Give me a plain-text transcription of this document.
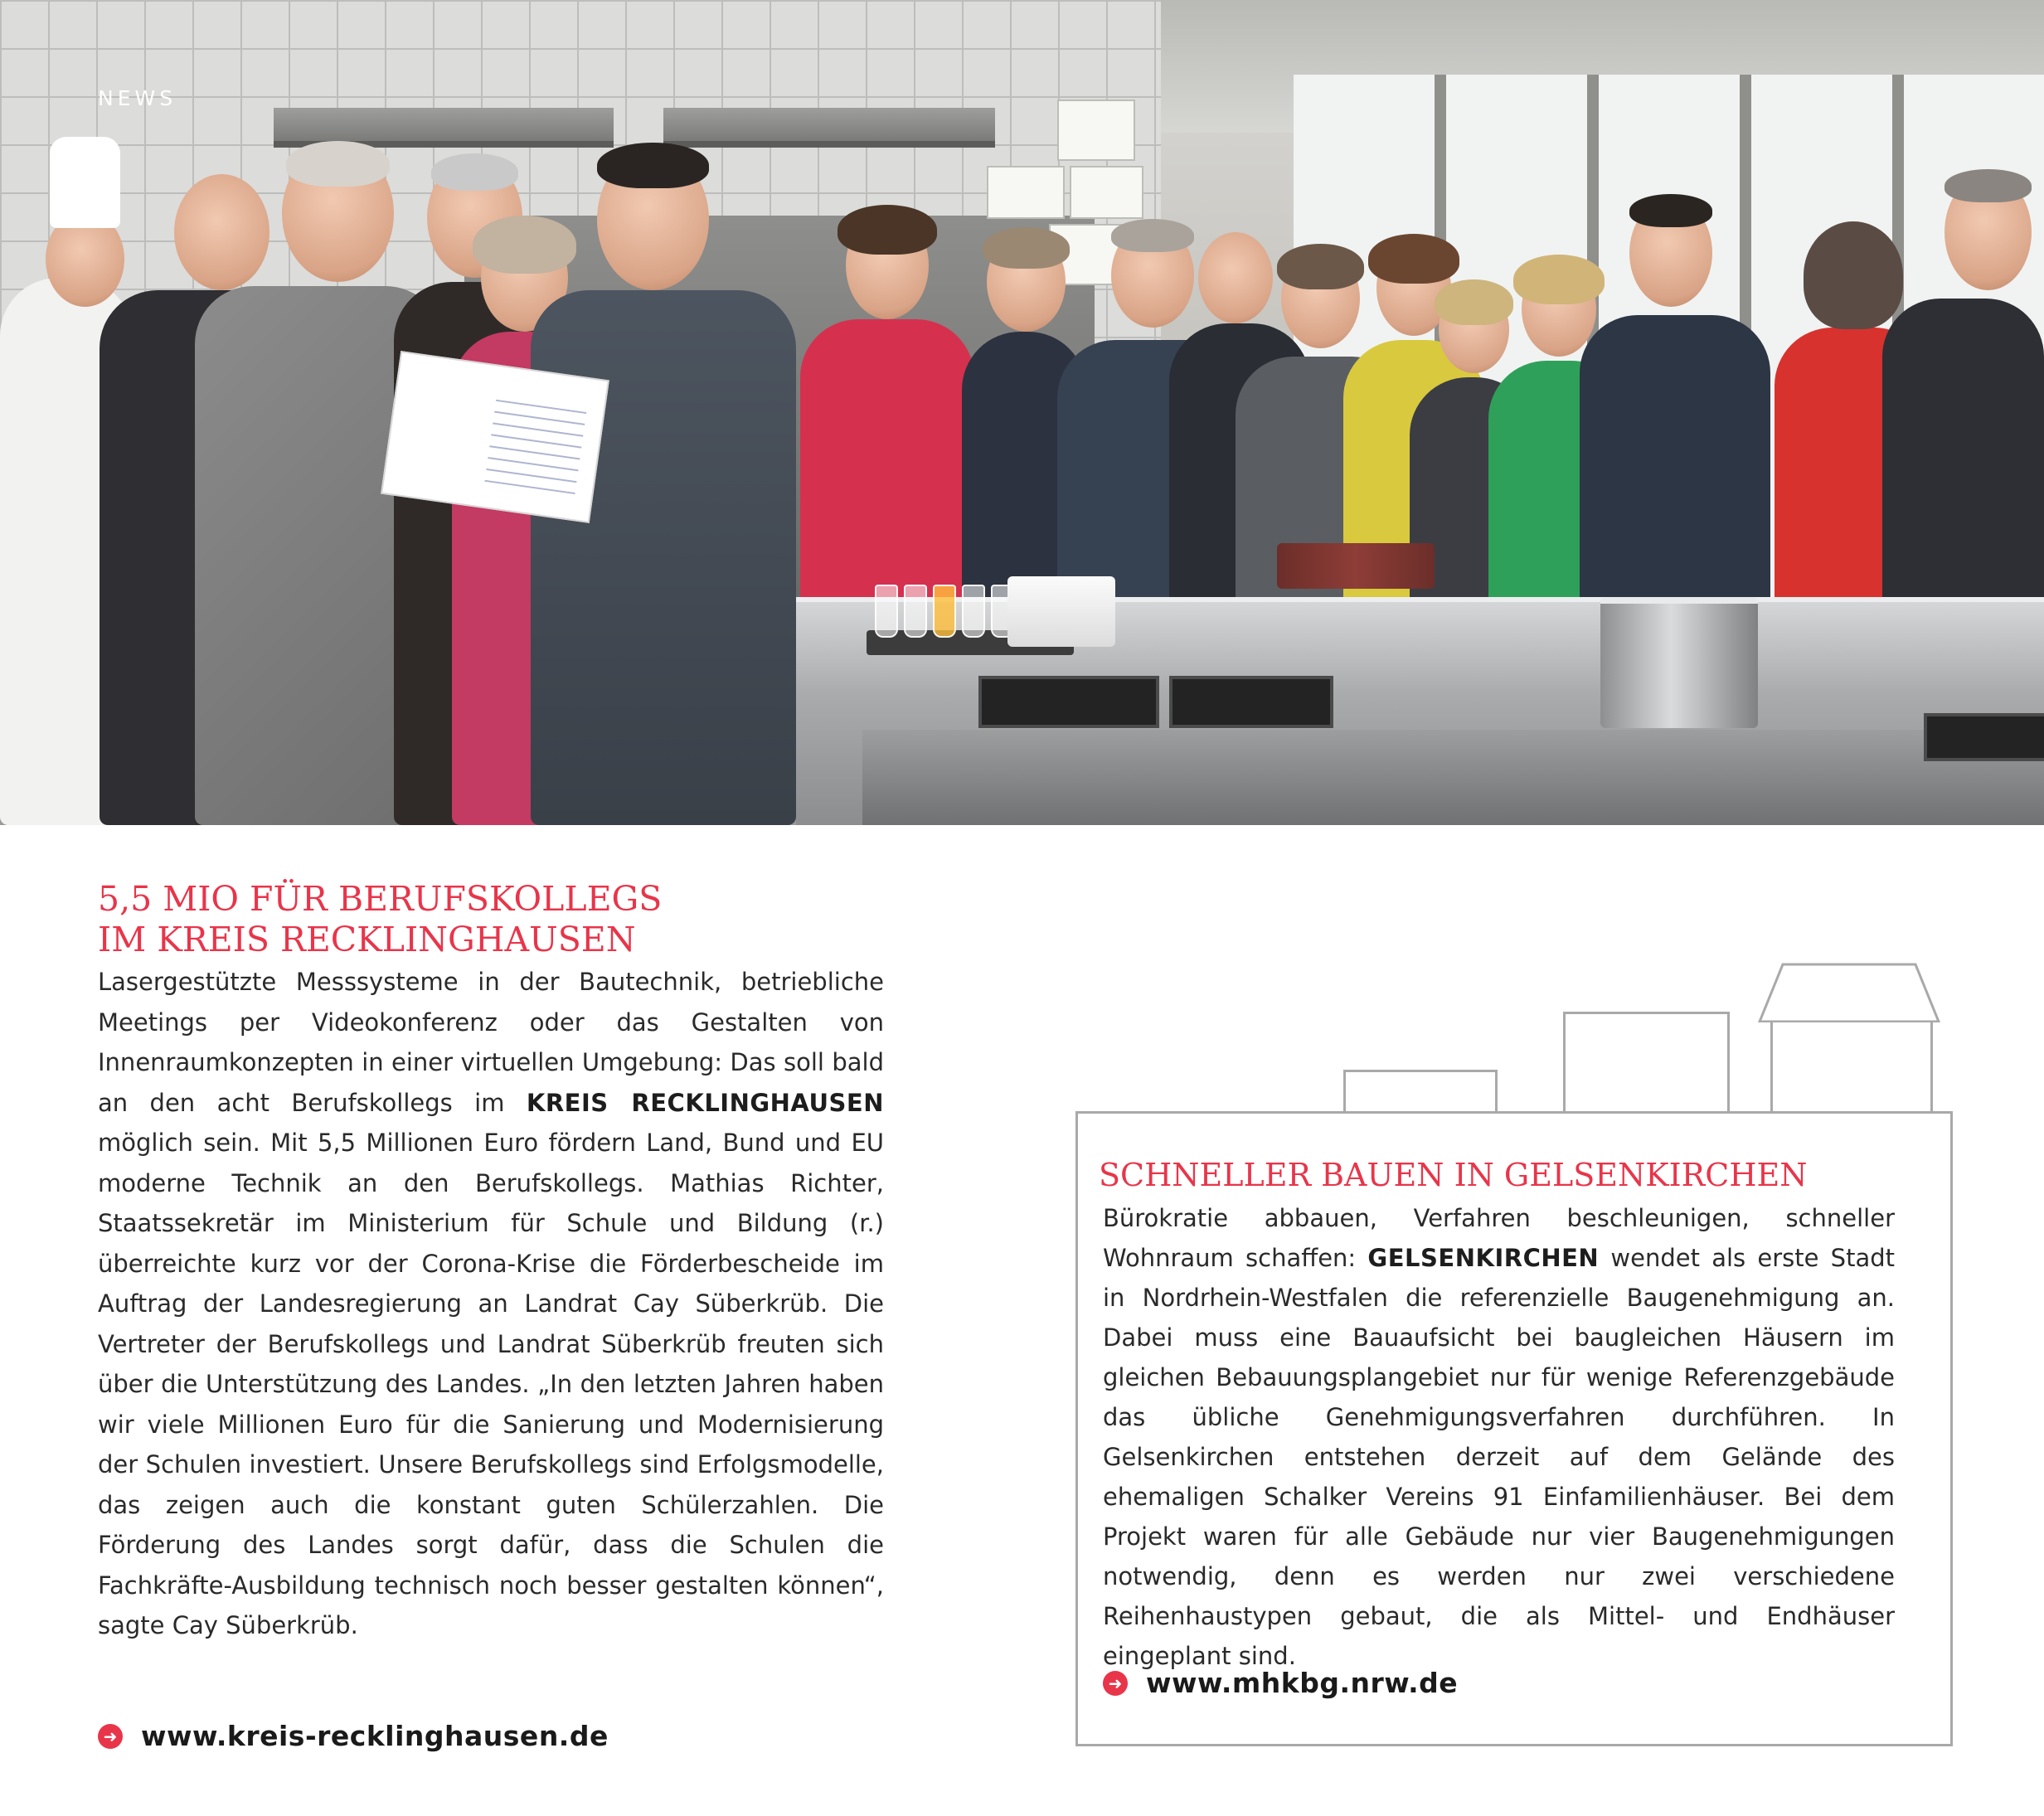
NEWS
5,5 MIO FÜR BERUFSKOLLEGS
IM KREIS RECKLINGHAUSEN

Lasergestützte Messsysteme in der Bautechnik, betriebliche Meetings per Videokonferenz oder das Gestalten von Innenraumkonzepten in einer virtuellen Umgebung: Das soll bald an den acht Berufskollegs im KREIS RECKLINGHAUSEN möglich sein. Mit 5,5 Millionen Euro fördern Land, Bund und EU moderne Technik an den Berufskollegs. Mathias Richter, Staatssekretär im Ministerium für Schule und Bildung (r.) überreichte kurz vor der Corona-Krise die Förderbescheide im Auftrag der Landesregierung an Landrat Cay Süberkrüb. Die Vertreter der Berufskollegs und Landrat Süberkrüb freuten sich über die Unterstützung des Landes. „In den letzten Jahren haben wir viele Millionen Euro für die Sanierung und Modernisierung der Schulen investiert. Unsere Berufskollegs sind Erfolgsmodelle, das zeigen auch die konstant guten Schülerzahlen. Die Förderung des Landes sorgt dafür, dass die Schulen die Fachkräfte-Ausbildung technisch noch besser gestalten können“, sagte Cay Süberkrüb.

➜ www.kreis-recklinghausen.de
SCHNELLER BAUEN IN GELSENKIRCHEN

Bürokratie abbauen, Verfahren beschleunigen, schneller Wohnraum schaffen: GELSENKIRCHEN wendet als erste Stadt in Nordrhein-Westfalen die referenzielle Baugenehmigung an. Dabei muss eine Bauaufsicht bei baugleichen Häusern im gleichen Bebauungsplangebiet nur für wenige Referenzgebäude das übliche Genehmigungsverfahren durchführen. In Gelsenkirchen entstehen derzeit auf dem Gelände des ehemaligen Schalker Vereins 91 Einfamilienhäuser. Bei dem Projekt waren für alle Gebäude nur vier Baugenehmigungen notwendig, denn es werden nur zwei verschiedene Reihenhaustypen gebaut, die als Mittel- und Endhäuser eingeplant sind.

➜ www.mhkbg.nrw.de
